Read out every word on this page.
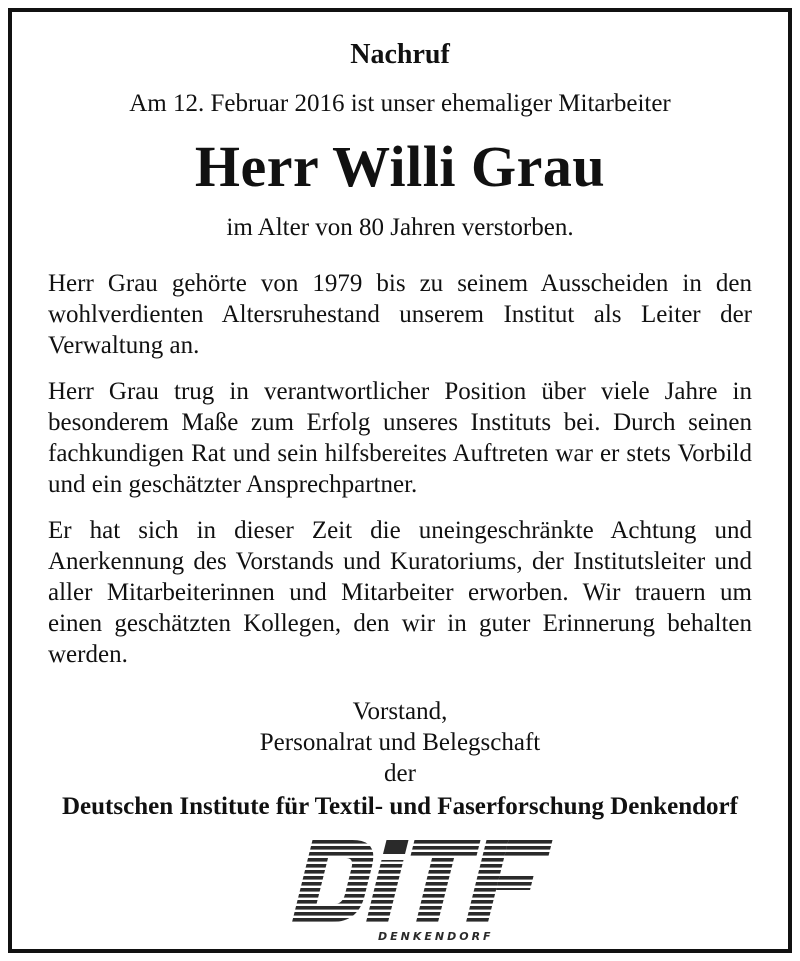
Nachruf
Am 12. Februar 2016 ist unser ehemaliger Mitarbeiter
Herr Willi Grau
im Alter von 80 Jahren verstorben.

Herr Grau gehörte von 1979 bis zu seinem Ausscheiden in den wohlverdienten Altersruhestand unserem Institut als Leiter der Verwaltung an.

Herr Grau trug in verantwortlicher Position über viele Jahre in besonderem Maße zum Erfolg unseres Instituts bei. Durch seinen fachkundigen Rat und sein hilfsbereites Auftreten war er stets Vorbild und ein geschätzter Ansprechpartner.

Er hat sich in dieser Zeit die uneingeschränkte Achtung und Anerkennung des Vorstands und Kuratoriums, der Institutsleiter und aller Mitarbeiterinnen und Mitarbeiter erworben. Wir trauern um einen geschätzten Kollegen, den wir in guter Erinnerung behalten werden.

Vorstand,
Personalrat und Belegschaft
der
Deutschen Institute für Textil- und Faserforschung Denkendorf
DENKENDORF
